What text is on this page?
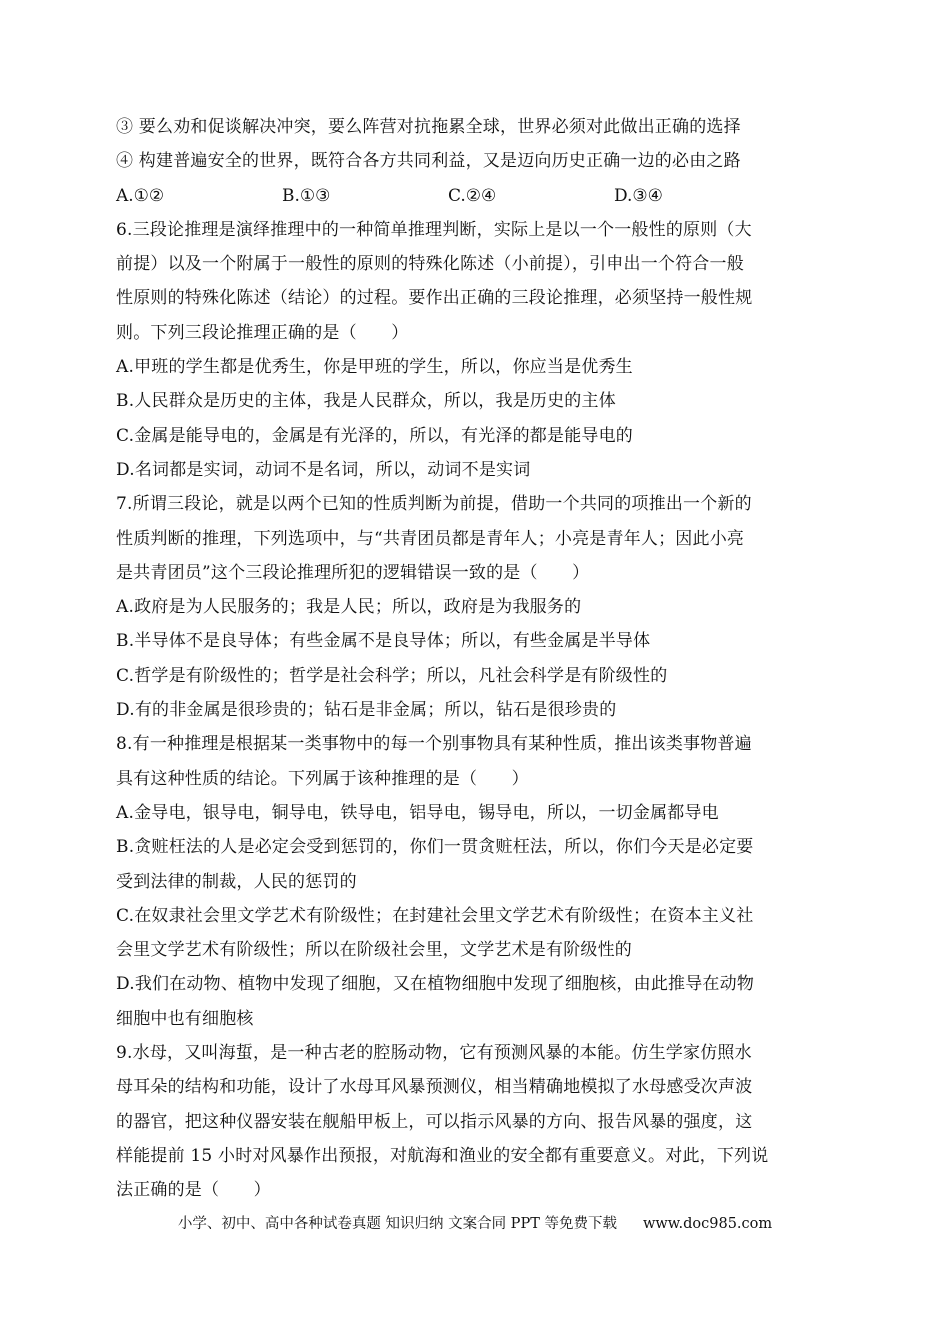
③ 要么劝和促谈解决冲突，要么阵营对抗拖累全球，世界必须对此做出正确的选择
④ 构建普遍安全的世界，既符合各方共同利益，又是迈向历史正确一边的必由之路
A.①②	B.①③	C.②④	D.③④
6.三段论推理是演绎推理中的一种简单推理判断，实际上是以一个一般性的原则（大
前提）以及一个附属于一般性的原则的特殊化陈述（小前提），引申出一个符合一般
性原则的特殊化陈述（结论）的过程。要作出正确的三段论推理，必须坚持一般性规
则。下列三段论推理正确的是（　　）
A.甲班的学生都是优秀生，你是甲班的学生，所以，你应当是优秀生
B.人民群众是历史的主体，我是人民群众，所以，我是历史的主体
C.金属是能导电的，金属是有光泽的，所以，有光泽的都是能导电的
D.名词都是实词，动词不是名词，所以，动词不是实词
7.所谓三段论，就是以两个已知的性质判断为前提，借助一个共同的项推出一个新的
性质判断的推理，下列选项中，与“共青团员都是青年人；小亮是青年人；因此小亮
是共青团员”这个三段论推理所犯的逻辑错误一致的是（　　）
A.政府是为人民服务的；我是人民；所以，政府是为我服务的
B.半导体不是良导体；有些金属不是良导体；所以，有些金属是半导体
C.哲学是有阶级性的；哲学是社会科学；所以，凡社会科学是有阶级性的
D.有的非金属是很珍贵的；钻石是非金属；所以，钻石是很珍贵的
8.有一种推理是根据某一类事物中的每一个别事物具有某种性质，推出该类事物普遍
具有这种性质的结论。下列属于该种推理的是（　　）
A.金导电，银导电，铜导电，铁导电，铝导电，锡导电，所以，一切金属都导电
B.贪赃枉法的人是必定会受到惩罚的，你们一贯贪赃枉法，所以，你们今天是必定要
受到法律的制裁，人民的惩罚的
C.在奴隶社会里文学艺术有阶级性；在封建社会里文学艺术有阶级性；在资本主义社
会里文学艺术有阶级性；所以在阶级社会里，文学艺术是有阶级性的
D.我们在动物、植物中发现了细胞，又在植物细胞中发现了细胞核，由此推导在动物
细胞中也有细胞核
9.水母，又叫海蜇，是一种古老的腔肠动物，它有预测风暴的本能。仿生学家仿照水
母耳朵的结构和功能，设计了水母耳风暴预测仪，相当精确地模拟了水母感受次声波
的器官，把这种仪器安装在舰船甲板上，可以指示风暴的方向、报告风暴的强度，这
样能提前 15 小时对风暴作出预报，对航海和渔业的安全都有重要意义。对此，下列说
法正确的是（　　）
小学、初中、高中各种试卷真题 知识归纳 文案合同 PPT 等免费下载 www.doc985.com
